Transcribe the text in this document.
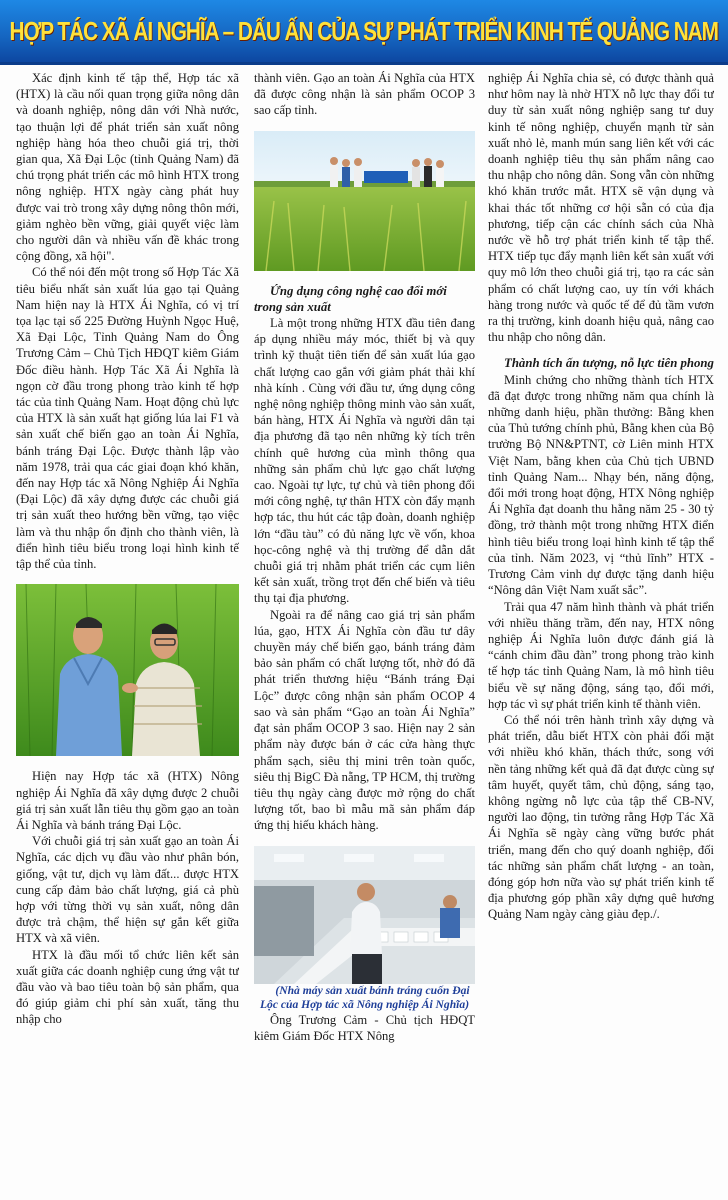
HỢP TÁC XÃ ÁI NGHĨA – DẤU ẤN CỦA SỰ PHÁT TRIỂN KINH TẾ QUẢNG NAM

Xác định kinh tế tập thể, Hợp tác xã (HTX) là cầu nối quan trọng giữa nông dân và doanh nghiệp, nông dân với Nhà nước, tạo thuận lợi để phát triển sản xuất nông nghiệp hàng hóa theo chuỗi giá trị, thời gian qua, Xã Đại Lộc (tỉnh Quảng Nam) đã chú trọng phát triển các mô hình HTX trong nông nghiệp. HTX ngày càng phát huy được vai trò trong xây dựng nông thôn mới, giảm nghèo bền vững, giải quyết việc làm cho người dân và nhiều vấn đề khác trong cộng đồng, xã hội".

Có thể nói đến một trong số Hợp Tác Xã tiêu biểu nhất sản xuất lúa gạo tại Quảng Nam hiện nay là HTX Ái Nghĩa, có vị trí tọa lạc tại số 225 Đường Huỳnh Ngọc Huệ, Xã Đại Lộc, Tỉnh Quảng Nam do Ông Trương Cảm – Chủ Tịch HĐQT kiêm Giám Đốc điều hành. Hợp Tác Xã Ái Nghĩa là ngọn cờ đầu trong phong trào kinh tế hợp tác của tỉnh Quảng Nam. Hoạt động chủ lực của HTX là sản xuất hạt giống lúa lai F1 và sản xuất chế biến gạo an toàn Ái Nghĩa, bánh tráng Đại Lộc. Được thành lập vào năm 1978, trải qua các giai đoạn khó khăn, đến nay Hợp tác xã Nông Nghiệp Ái Nghĩa (Đại Lộc) đã xây dựng được các chuỗi giá trị sản xuất theo hướng bền vững, tạo việc làm và thu nhập ổn định cho thành viên, là điển hình tiêu biểu trong loại hình kinh tế tập thể của tỉnh.

Hiện nay Hợp tác xã (HTX) Nông nghiệp Ái Nghĩa đã xây dựng được 2 chuỗi giá trị sản xuất lẫn tiêu thụ gồm gạo an toàn Ái Nghĩa và bánh tráng Đại Lộc.

Với chuỗi giá trị sản xuất gạo an toàn Ái Nghĩa, các dịch vụ đầu vào như phân bón, giống, vật tư, dịch vụ làm đất... được HTX cung cấp đảm bảo chất lượng, giá cả phù hợp với từng thời vụ sản xuất, nông dân được trả chậm, thể hiện sự gắn kết giữa HTX và xã viên.

HTX là đầu mối tổ chức liên kết sản xuất giữa các doanh nghiệp cung ứng vật tư đầu vào và bao tiêu toàn bộ sản phẩm, qua đó giúp giảm chi phí sản xuất, tăng thu nhập cho

thành viên. Gạo an toàn Ái Nghĩa của HTX đã được công nhận là sản phẩm OCOP 3 sao cấp tỉnh.

Ứng dụng công nghệ cao đổi mới trong sản xuất

Là một trong những HTX đầu tiên đang áp dụng nhiều máy móc, thiết bị và quy trình kỹ thuật tiên tiến để sản xuất lúa gạo chất lượng cao gắn với giảm phát thải khí nhà kính . Cùng với đầu tư, ứng dụng công nghệ nông nghiệp thông minh vào sản xuất, bán hàng, HTX Ái Nghĩa và người dân tại địa phương đã tạo nên những kỳ tích trên chính quê hương của mình thông qua những sản phẩm chủ lực gạo chất lượng cao. Ngoài tự lực, tự chủ và tiên phong đổi mới công nghệ, tự thân HTX còn đẩy mạnh hợp tác, thu hút các tập đoàn, doanh nghiệp lớn “đầu tàu” có đủ năng lực về vốn, khoa học-công nghệ và thị trường để dẫn dắt chuỗi giá trị nhằm phát triển các cụm liên kết sản xuất, trồng trọt đến chế biến và tiêu thụ tại địa phương.

Ngoài ra để nâng cao giá trị sản phẩm lúa, gạo, HTX Ái Nghĩa còn đầu tư dây chuyền máy chế biến gạo, bánh tráng đảm bảo sản phẩm có chất lượng tốt, nhờ đó đã phát triển thương hiệu “Bánh tráng Đại Lộc” được công nhận sản phẩm OCOP 4 sao và sản phẩm “Gạo an toàn Ái Nghĩa” đạt sản phẩm OCOP 3 sao. Hiện nay 2 sản phẩm này được bán ở các cửa hàng thực phẩm sạch, siêu thị mini trên toàn quốc, siêu thị BigC Đà nẵng, TP HCM, thị trường tiêu thụ ngày càng được mở rộng do chất lượng tốt, bao bì mẫu mã sản phẩm đáp ứng thị hiếu khách hàng.

(Nhà máy sản xuất bánh tráng cuốn Đại Lộc của Hợp tác xã Nông nghiệp Ái Nghĩa)

Ông Trương Cảm - Chủ tịch HĐQT kiêm Giám Đốc HTX Nông

nghiệp Ái Nghĩa chia sẻ, có được thành quả như hôm nay là nhờ HTX nỗ lực thay đổi tư duy từ sản xuất nông nghiệp sang tư duy kinh tế nông nghiệp, chuyển mạnh từ sản xuất nhỏ lẻ, manh mún sang liên kết với các doanh nghiệp tiêu thụ sản phẩm nâng cao thu nhập cho nông dân. Song vẫn còn những khó khăn trước mắt. HTX sẽ vận dụng và khai thác tốt những cơ hội sẵn có của địa phương, tiếp cận các chính sách của Nhà nước về hỗ trợ phát triển kinh tế tập thể. HTX tiếp tục đẩy mạnh liên kết sản xuất với quy mô lớn theo chuỗi giá trị, tạo ra các sản phẩm có chất lượng cao, uy tín với khách hàng trong nước và quốc tế để đủ tầm vươn ra thị trường, kinh doanh hiệu quả, nâng cao thu nhập cho nông dân.

Thành tích ấn tượng, nỗ lực tiên phong

Minh chứng cho những thành tích HTX đã đạt được trong những năm qua chính là những danh hiệu, phần thưởng: Bằng khen của Thủ tướng chính phủ, Bằng khen của Bộ trưởng Bộ NN&PTNT, cờ Liên minh HTX Việt Nam, bằng khen của Chủ tịch UBND tỉnh Quảng Nam... Nhạy bén, năng động, đổi mới trong hoạt động, HTX Nông nghiệp Ái Nghĩa đạt doanh thu hằng năm 25 - 30 tỷ đồng, trở thành một trong những HTX điển hình tiêu biểu trong loại hình kinh tế tập thể của tỉnh. Năm 2023, vị “thủ lĩnh” HTX - Trương Cảm vinh dự được tặng danh hiệu “Nông dân Việt Nam xuất sắc”.

Trải qua 47 năm hình thành và phát triển với nhiều thăng trầm, đến nay, HTX nông nghiệp Ái Nghĩa luôn được đánh giá là “cánh chim đầu đàn” trong phong trào kinh tế hợp tác tỉnh Quảng Nam, là mô hình tiêu biểu về sự năng động, sáng tạo, đổi mới, hợp tác vì sự phát triển kinh tế thành viên.

Có thể nói trên hành trình xây dựng và phát triển, dẫu biết HTX còn phải đối mặt với nhiều khó khăn, thách thức, song với nền tảng những kết quả đã đạt được cùng sự tâm huyết, quyết tâm, chủ động, sáng tạo, không ngừng nỗ lực của tập thể CB-NV, người lao động, tin tưởng rằng Hợp Tác Xã Ái Nghĩa sẽ ngày càng vững bước phát triển, mang đến cho quý doanh nghiệp, đối tác những sản phẩm chất lượng - an toàn, đóng góp hơn nữa vào sự phát triển kinh tế địa phương góp phần xây dựng quê hương Quảng Nam ngày càng giàu đẹp./.
